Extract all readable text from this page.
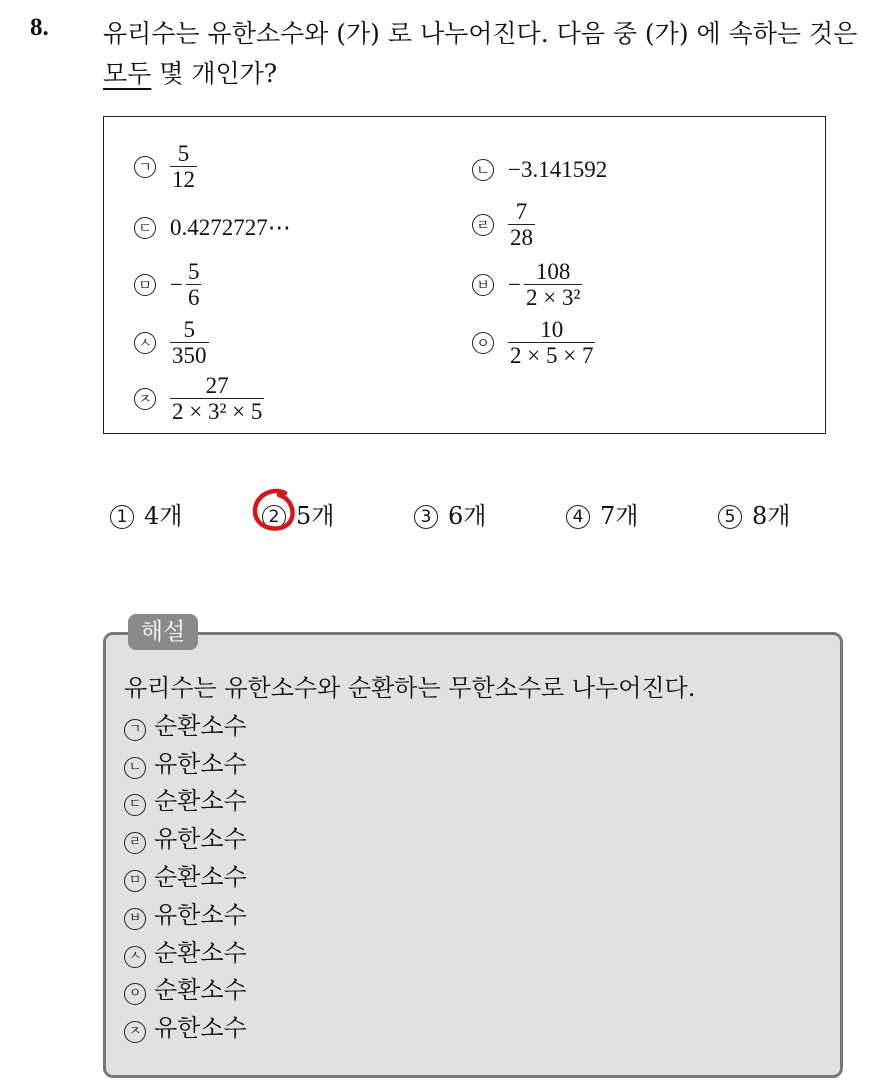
8. 유리수는 유한소수와 (가) 로 나누어진다. 다음 중 (가) 에 속하는 것은
모두 몇 개인가?
ㄱ $\frac{5}{12}$	ㄴ −3.141592
ㄷ 0.4272727⋯	ㄹ $\frac{7}{28}$
ㅁ − $\frac{5}{6}$	ㅂ − $\frac{108}{\text{2 × 3²}}$
ㅅ $\frac{5}{350}$	ㅇ $\frac{10}{2 \times 5 \times 7}$
ㅈ $\frac{27}{\text{2 × 3² × 5}}$
1 4개	2 5개	3 6개	4 7개	5 8개
해설
유리수는 유한소수와 순환하는 무한소수로 나누어진다.
ㄱ 순환소수
ㄴ 유한소수
ㄷ 순환소수
ㄹ 유한소수
ㅁ 순환소수
ㅂ 유한소수
ㅅ 순환소수
ㅇ 순환소수
ㅈ 유한소수
